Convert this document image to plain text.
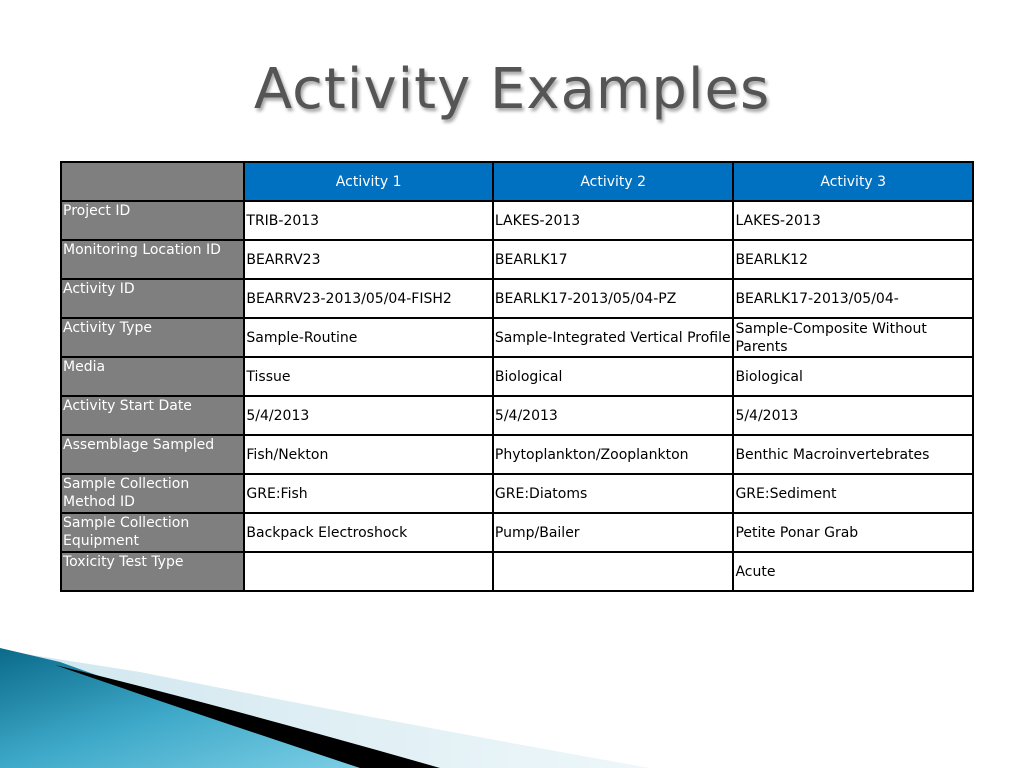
Activity Examples
	Activity 1	Activity 2	Activity 3
Project ID	TRIB-2013	LAKES-2013	LAKES-2013
Monitoring Location ID	BEARRV23	BEARLK17	BEARLK12
Activity ID	BEARRV23-2013/05/04-FISH2	BEARLK17-2013/05/04-PZ	BEARLK17-2013/05/04-
Activity Type	Sample-Routine	Sample-Integrated Vertical Profile	Sample-Composite Without Parents
Media	Tissue	Biological	Biological
Activity Start Date	5/4/2013	5/4/2013	5/4/2013
Assemblage Sampled	Fish/Nekton	Phytoplankton/Zooplankton	Benthic Macroinvertebrates
Sample Collection Method ID	GRE:Fish	GRE:Diatoms	GRE:Sediment
Sample Collection Equipment	Backpack Electroshock	Pump/Bailer	Petite Ponar Grab
Toxicity Test Type			Acute
